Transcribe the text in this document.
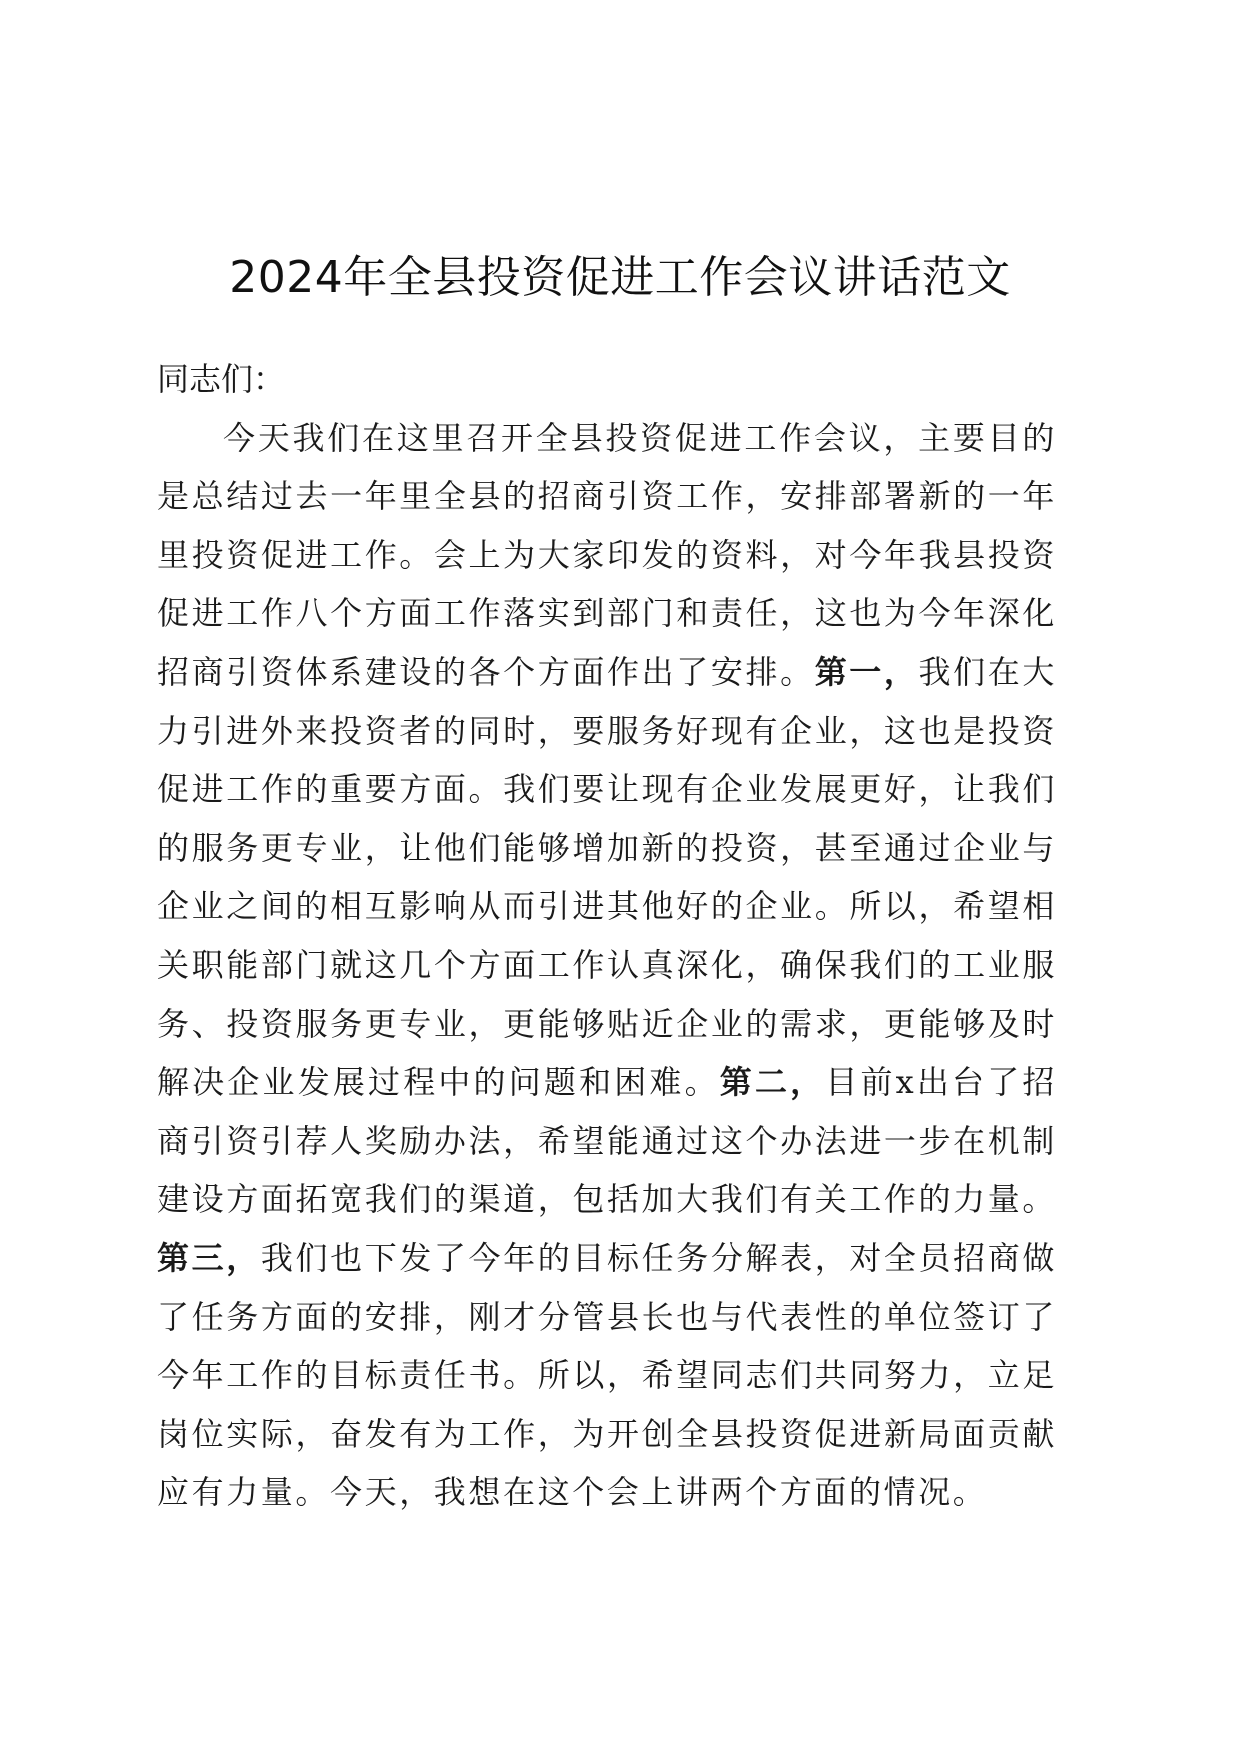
2024年全县投资促进工作会议讲话范文

同志们：

今天我们在这里召开全县投资促进工作会议，主要目的是总结过去一年里全县的招商引资工作，安排部署新的一年里投资促进工作。会上为大家印发的资料，对今年我县投资促进工作八个方面工作落实到部门和责任，这也为今年深化招商引资体系建设的各个方面作出了安排。第一，我们在大力引进外来投资者的同时，要服务好现有企业，这也是投资促进工作的重要方面。我们要让现有企业发展更好，让我们的服务更专业，让他们能够增加新的投资，甚至通过企业与企业之间的相互影响从而引进其他好的企业。所以，希望相关职能部门就这几个方面工作认真深化，确保我们的工业服务、投资服务更专业，更能够贴近企业的需求，更能够及时解决企业发展过程中的问题和困难。第二，目前x出台了招商引资引荐人奖励办法，希望能通过这个办法进一步在机制建设方面拓宽我们的渠道，包括加大我们有关工作的力量。第三，我们也下发了今年的目标任务分解表，对全员招商做了任务方面的安排，刚才分管县长也与代表性的单位签订了今年工作的目标责任书。所以，希望同志们共同努力，立足岗位实际，奋发有为工作，为开创全县投资促进新局面贡献应有力量。今天，我想在这个会上讲两个方面的情况。
